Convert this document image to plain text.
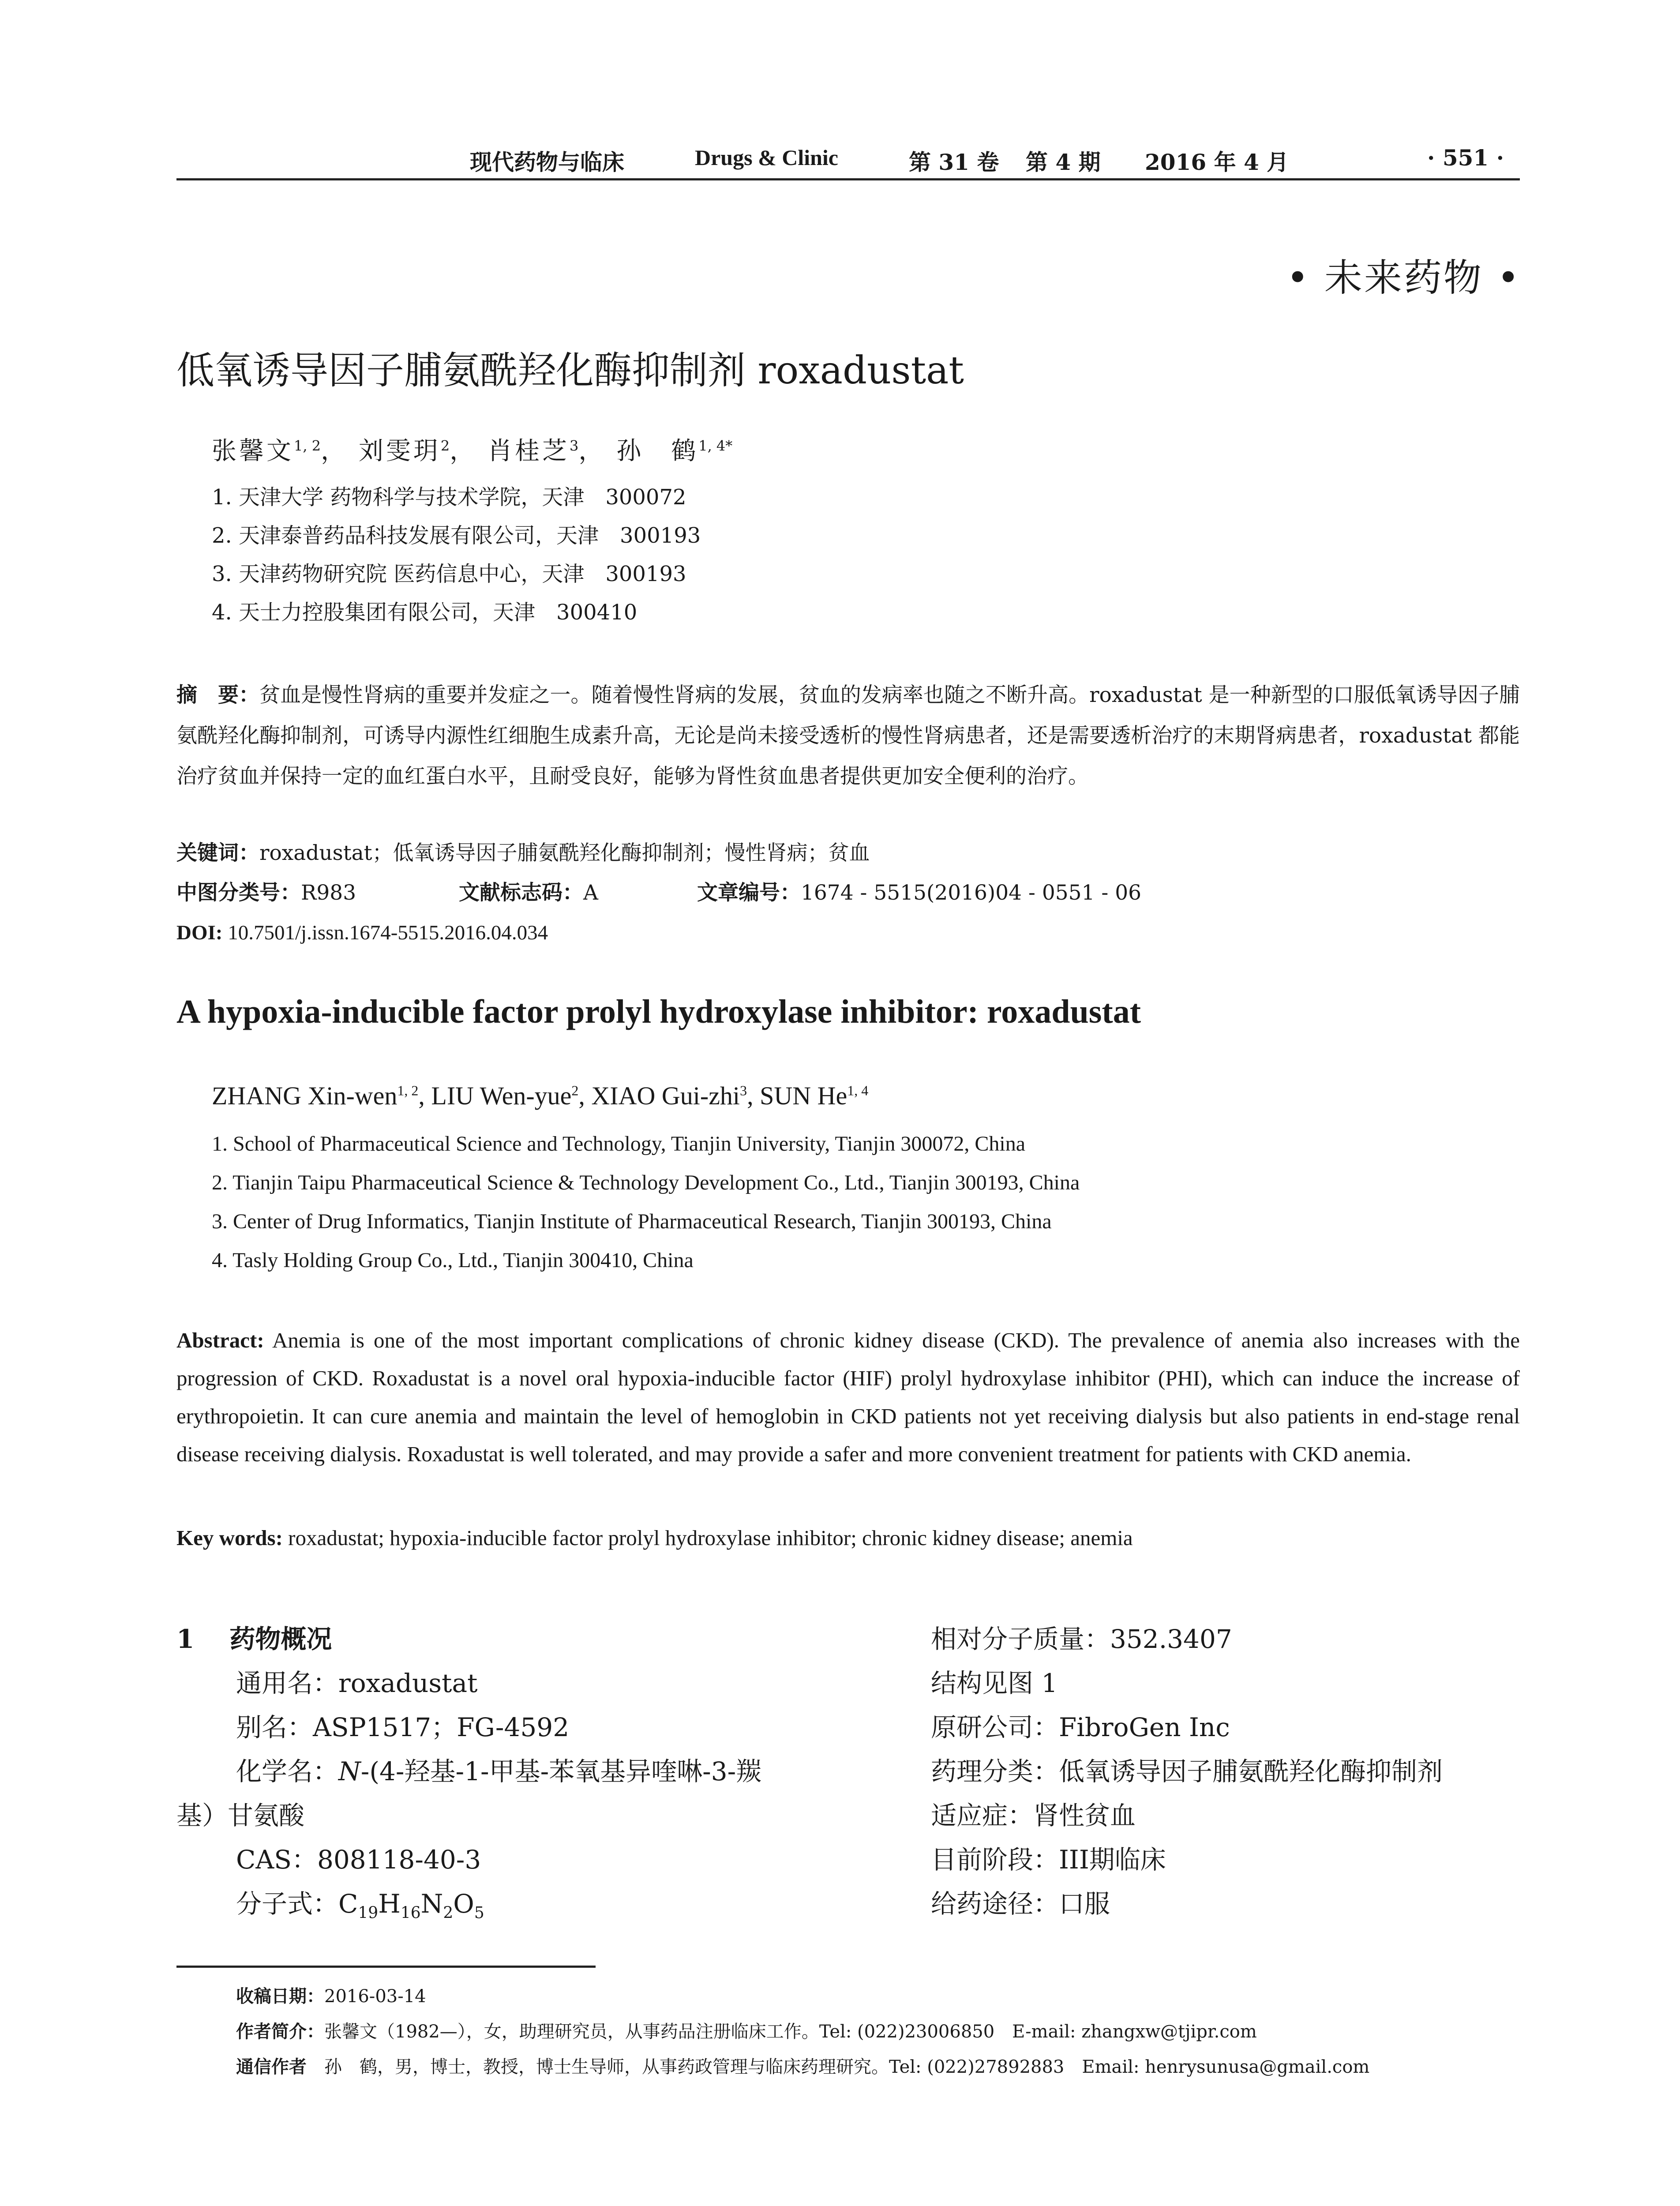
现代药物与临床	Drugs & Clinic	第 31 卷 第 4 期 2016 年 4 月	· 551 ·
• 未来药物 •
低氧诱导因子脯氨酰羟化酶抑制剂 roxadustat
张馨文$^{1, 2}$， 刘雯玥$^2$， 肖桂芝$^3$， 孙　鹤$^{1, 4*}$
1. 天津大学 药物科学与技术学院，天津　300072
2. 天津泰普药品科技发展有限公司，天津　300193
3. 天津药物研究院 医药信息中心，天津　300193
4. 天士力控股集团有限公司，天津　300410
摘　要：贫血是慢性肾病的重要并发症之一。随着慢性肾病的发展，贫血的发病率也随之不断升高。roxadustat 是一种新型的口服低氧诱导因子脯氨酰羟化酶抑制剂，可诱导内源性红细胞生成素升高，无论是尚未接受透析的慢性肾病患者，还是需要透析治疗的末期肾病患者，roxadustat 都能治疗贫血并保持一定的血红蛋白水平，且耐受良好，能够为肾性贫血患者提供更加安全便利的治疗。
关键词：roxadustat；低氧诱导因子脯氨酰羟化酶抑制剂；慢性肾病；贫血
中图分类号：R983	文献标志码：A	文章编号：1674 - 5515(2016)04 - 0551 - 06
DOI: 10.7501/j.issn.1674-5515.2016.04.034
A hypoxia-inducible factor prolyl hydroxylase inhibitor: roxadustat
ZHANG Xin-wen$^{1, 2}$, LIU Wen-yue$^2$, XIAO Gui-zhi$^3$, SUN He$^{1, 4}$
1. School of Pharmaceutical Science and Technology, Tianjin University, Tianjin 300072, China
2. Tianjin Taipu Pharmaceutical Science & Technology Development Co., Ltd., Tianjin 300193, China
3. Center of Drug Informatics, Tianjin Institute of Pharmaceutical Research, Tianjin 300193, China
4. Tasly Holding Group Co., Ltd., Tianjin 300410, China
Abstract: Anemia is one of the most important complications of chronic kidney disease (CKD). The prevalence of anemia also increases with the progression of CKD. Roxadustat is a novel oral hypoxia-inducible factor (HIF) prolyl hydroxylase inhibitor (PHI), which can induce the increase of erythropoietin. It can cure anemia and maintain the level of hemoglobin in CKD patients not yet receiving dialysis but also patients in end-stage renal disease receiving dialysis. Roxadustat is well tolerated, and may provide a safer and more convenient treatment for patients with CKD anemia.
Key words: roxadustat; hypoxia-inducible factor prolyl hydroxylase inhibitor; chronic kidney disease; anemia
1 药物概况
通用名：roxadustat
别名：ASP1517；FG-4592
化学名：N-(4-羟基-1-甲基-苯氧基异喹啉-3-羰
基）甘氨酸
CAS：808118-40-3
分子式：$C_{19}H_{16}N_2O_5$
相对分子质量：352.3407
结构见图 1
原研公司：FibroGen Inc
药理分类：低氧诱导因子脯氨酰羟化酶抑制剂
适应症：肾性贫血
目前阶段：III期临床
给药途径：口服
收稿日期：2016-03-14
作者简介：张馨文（1982—），女，助理研究员，从事药品注册临床工作。Tel: (022)23006850　E-mail: zhangxw@tjipr.com
通信作者　孙　鹤，男，博士，教授，博士生导师，从事药政管理与临床药理研究。Tel: (022)27892883　Email: henrysunusa@gmail.com
